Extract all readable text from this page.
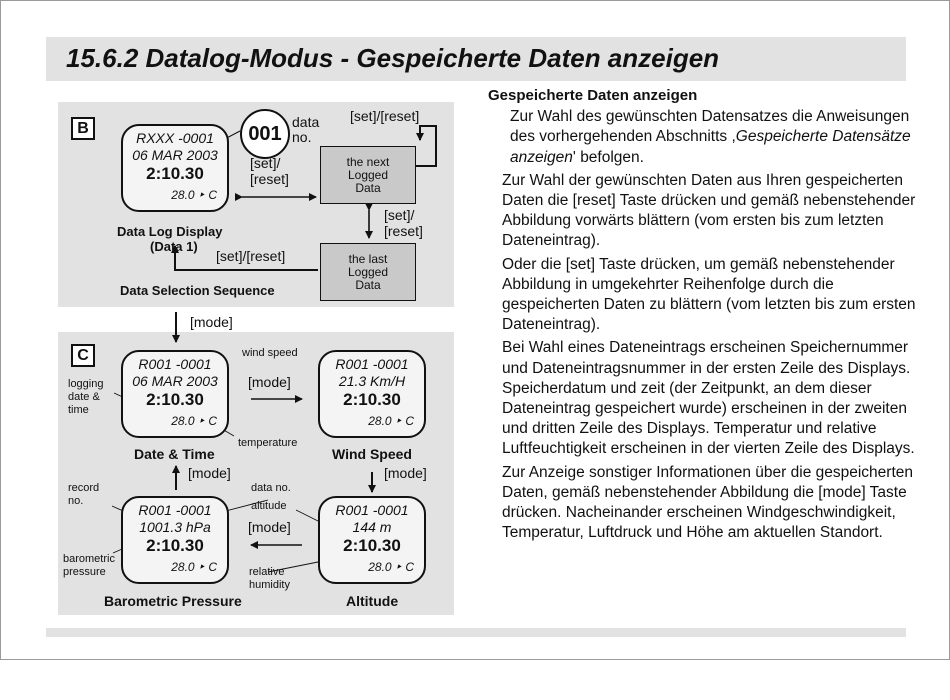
15.6.2 Datalog-Modus - Gespeicherte Daten anzeigen
B
RXXX -0001
06 MAR 2003
2:10.30
28.0 ‣ C
001
data
no.
[set]/[reset]
[set]/
[reset]
[set]/
[reset]
[set]/[reset]
the next
Logged
Data
the last
Logged
Data
Data Log Display
(Data 1)
Data Selection Sequence
[mode]
C	R001 -0001
06 MAR 2003
2:10.30
28.0 ‣ C
R001 -0001
21.3 Km/H
2:10.30
28.0 ‣ C
R001 -0001
1001.3 hPa
2:10.30
28.0 ‣ C
R001 -0001
144 m
2:10.30
28.0 ‣ C
logging
date &
time
wind speed
temperature
record
no.
barometric
pressure
data no.
altitude
relative
humidity
[mode]
[mode]
[mode]
[mode]
Date & Time	Wind Speed
Barometric Pressure	Altitude
Gespeicherte Daten anzeigen

Zur Wahl des gewünschten Datensatzes die Anweisungen des vorhergehenden Abschnitts ,Gespeicherte Datensätze anzeigen' befolgen.

Zur Wahl der gewünschten Daten aus Ihren gespeicherten Daten die [reset] Taste drücken und gemäß nebenstehender Abbildung vorwärts blättern (vom ersten bis zum letzten Dateneintrag).

Oder die [set] Taste drücken, um gemäß nebenstehender Abbildung in umgekehrter Reihenfolge durch die gespeicherten Daten zu blättern (vom letzten bis zum ersten Dateneintrag).

Bei Wahl eines Dateneintrags erscheinen Speichernummer und Dateneintragsnummer in der ersten Zeile des Displays. Speicherdatum und zeit (der Zeitpunkt, an dem dieser Dateneintrag gespeichert wurde) erscheinen in der zweiten und dritten Zeile des Displays. Temperatur und relative Luftfeuchtigkeit erscheinen in der vierten Zeile des Displays.

Zur Anzeige sonstiger Informationen über die gespeicherten Daten, gemäß nebenstehender Abbildung die [mode] Taste drücken. Nacheinander erscheinen Windgeschwindigkeit, Temperatur, Luftdruck und Höhe am aktuellen Standort.
